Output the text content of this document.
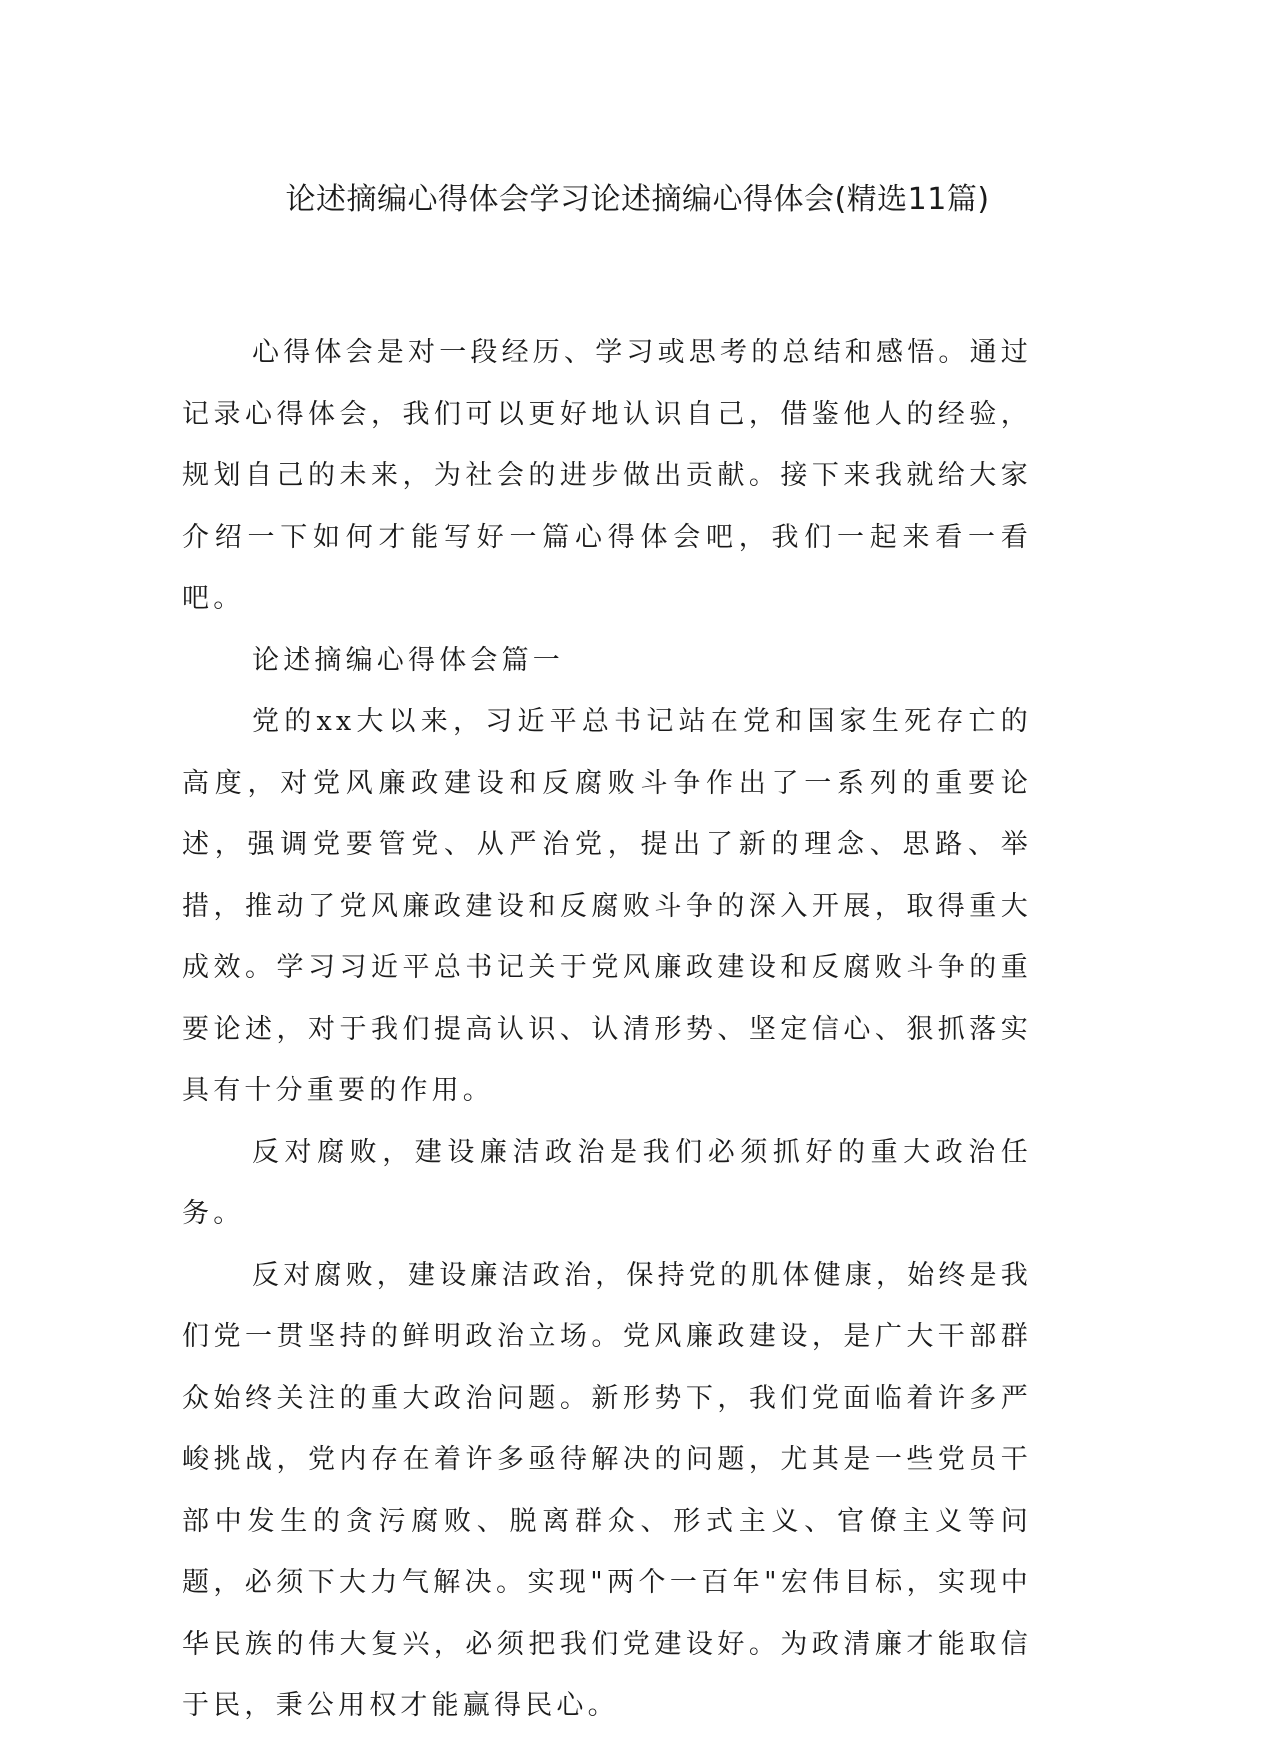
论述摘编心得体会学习论述摘编心得体会(精选11篇)

心得体会是对一段经历、学习或思考的总结和感悟。通过记录心得体会，我们可以更好地认识自己，借鉴他人的经验，规划自己的未来，为社会的进步做出贡献。接下来我就给大家介绍一下如何才能写好一篇心得体会吧，我们一起来看一看吧。

论述摘编心得体会篇一

党的xx大以来，习近平总书记站在党和国家生死存亡的高度，对党风廉政建设和反腐败斗争作出了一系列的重要论述，强调党要管党、从严治党，提出了新的理念、思路、举措，推动了党风廉政建设和反腐败斗争的深入开展，取得重大成效。学习习近平总书记关于党风廉政建设和反腐败斗争的重要论述，对于我们提高认识、认清形势、坚定信心、狠抓落实具有十分重要的作用。

反对腐败，建设廉洁政治是我们必须抓好的重大政治任务。

反对腐败，建设廉洁政治，保持党的肌体健康，始终是我们党一贯坚持的鲜明政治立场。党风廉政建设，是广大干部群众始终关注的重大政治问题。新形势下，我们党面临着许多严峻挑战，党内存在着许多亟待解决的问题，尤其是一些党员干部中发生的贪污腐败、脱离群众、形式主义、官僚主义等问题，必须下大力气解决。实现"两个一百年"宏伟目标，实现中华民族的伟大复兴，必须把我们党建设好。为政清廉才能取信于民，秉公用权才能赢得民心。
